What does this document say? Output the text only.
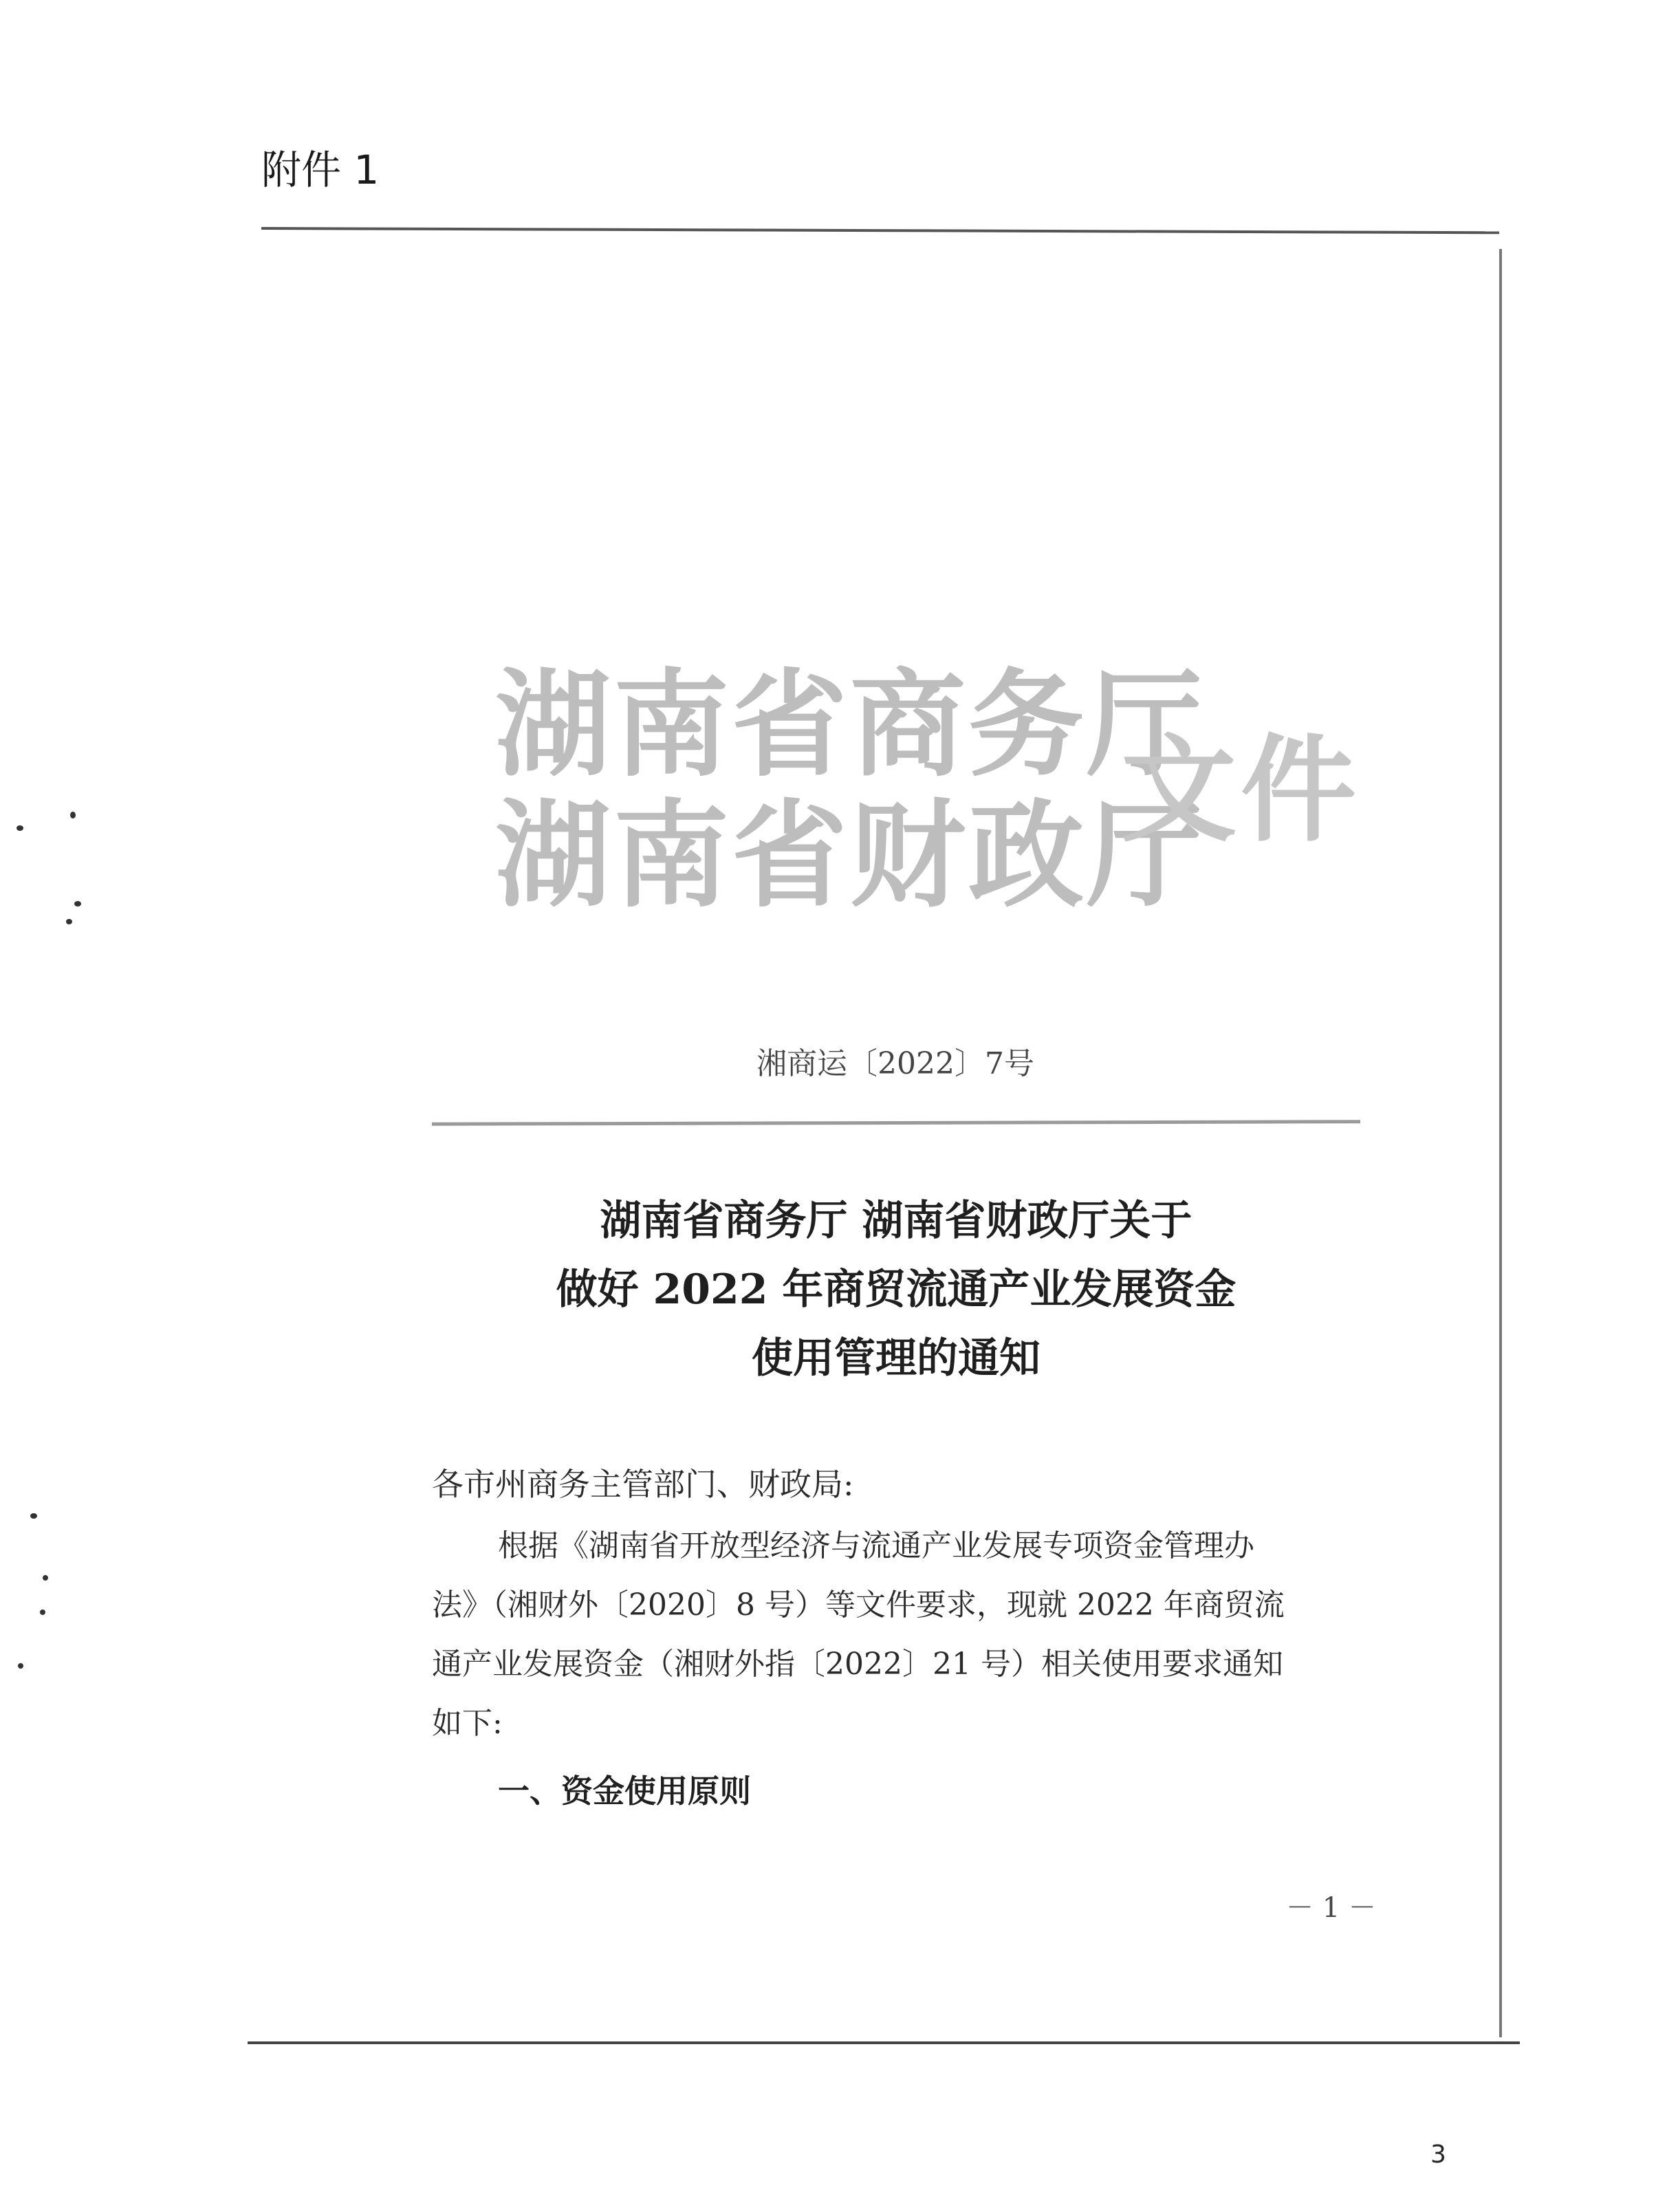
附件 1
湖南省商务厅
湖南省财政厅
文件
湘商运〔2022〕7号
湖南省商务厅 湖南省财政厅关于
做好 2022 年商贸流通产业发展资金
使用管理的通知
各市州商务主管部门、财政局:
根据《湖南省开放型经济与流通产业发展专项资金管理办
法》（湘财外〔2020〕8 号）等文件要求，现就 2022 年商贸流
通产业发展资金（湘财外指〔2022〕21 号）相关使用要求通知
如下:
一、资金使用原则
－ 1 －
3
